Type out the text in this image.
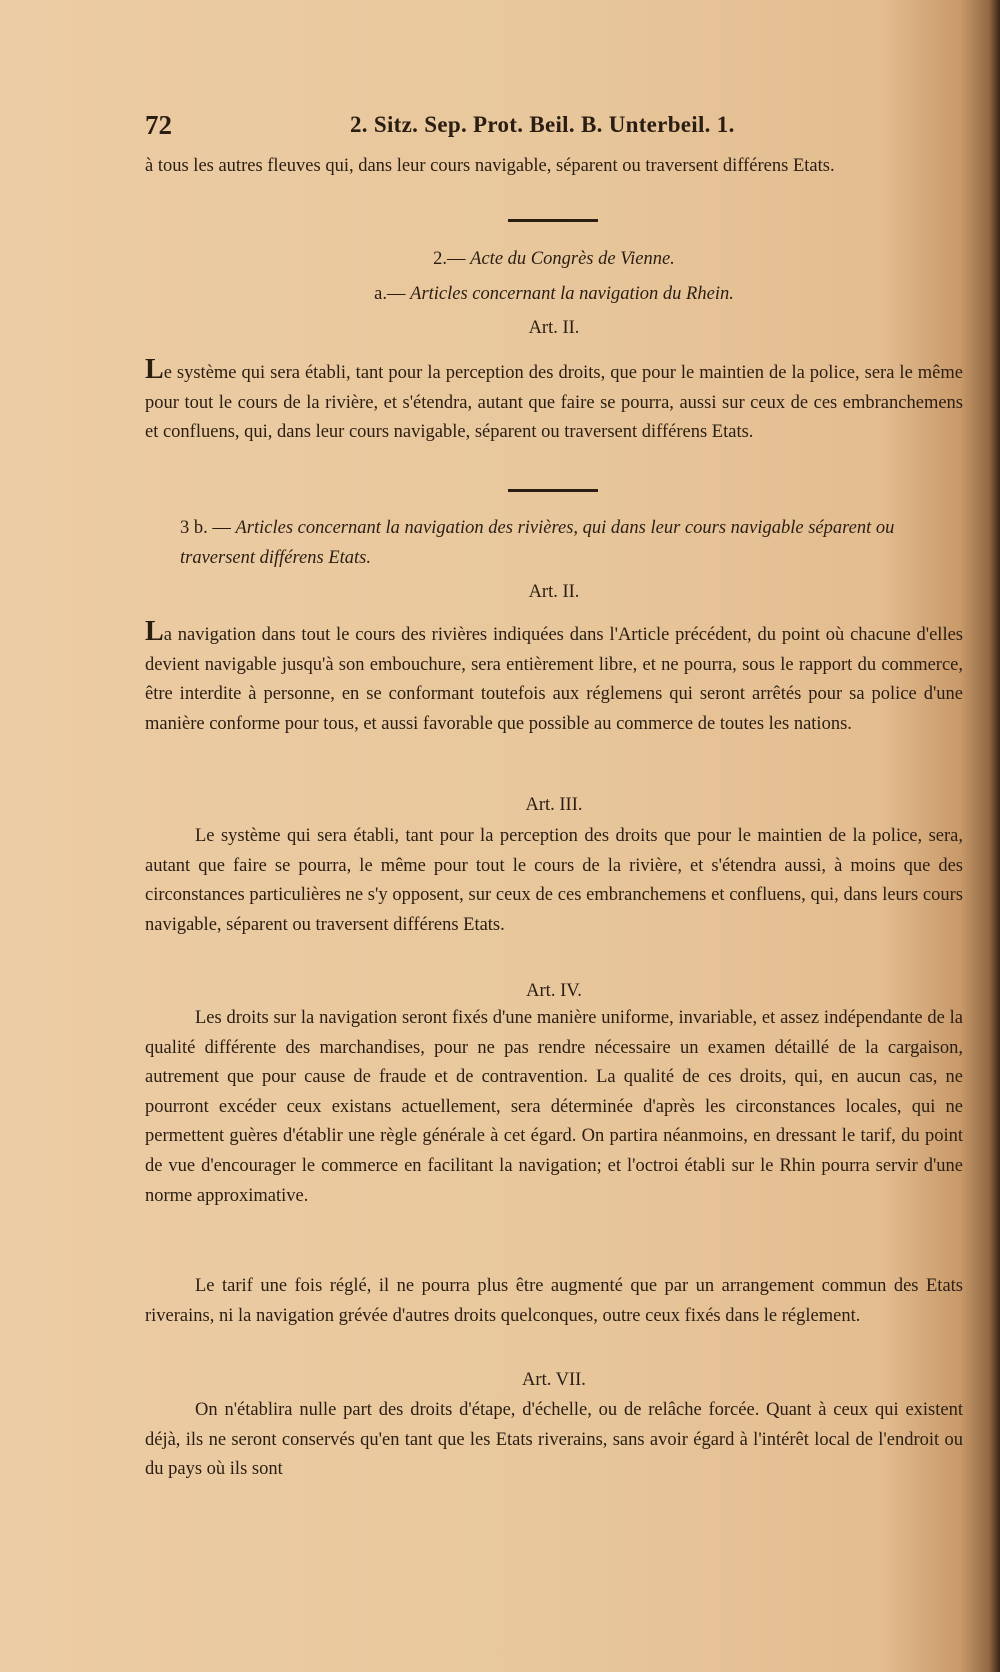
72	2. Sitz. Sep. Prot. Beil. B. Unterbeil. 1.
à tous les autres fleuves qui, dans leur cours navigable, séparent ou traversent différens Etats.
2.— Acte du Congrès de Vienne.
a.— Articles concernant la navigation du Rhein.
Art. II.
Le système qui sera établi, tant pour la perception des droits, que pour le maintien de la police, sera le même pour tout le cours de la rivière, et s'étendra, autant que faire se pourra, aussi sur ceux de ces embranchemens et confluens, qui, dans leur cours navigable, séparent ou traversent différens Etats.
3 b. — Articles concernant la navigation des rivières, qui dans leur cours navigable séparent ou traversent différens Etats.
Art. II.
La navigation dans tout le cours des rivières indiquées dans l'Article précédent, du point où chacune d'elles devient navigable jusqu'à son embouchure, sera entièrement libre, et ne pourra, sous le rapport du commerce, être interdite à personne, en se conformant toutefois aux réglemens qui seront arrêtés pour sa police d'une manière conforme pour tous, et aussi favorable que possible au commerce de toutes les nations.
Art. III.
Le système qui sera établi, tant pour la perception des droits que pour le maintien de la police, sera, autant que faire se pourra, le même pour tout le cours de la rivière, et s'étendra aussi, à moins que des circonstances particulières ne s'y opposent, sur ceux de ces embranchemens et confluens, qui, dans leurs cours navigable, séparent ou traversent différens Etats.
Art. IV.
Les droits sur la navigation seront fixés d'une manière uniforme, invariable, et assez indépendante de la qualité différente des marchandises, pour ne pas rendre nécessaire un examen détaillé de la cargaison, autrement que pour cause de fraude et de contravention. La qualité de ces droits, qui, en aucun cas, ne pourront excéder ceux existans actuellement, sera déterminée d'après les circonstances locales, qui ne permettent guères d'établir une règle générale à cet égard. On partira néanmoins, en dressant le tarif, du point de vue d'encourager le commerce en facilitant la navigation; et l'octroi établi sur le Rhin pourra servir d'une norme approximative.
Le tarif une fois réglé, il ne pourra plus être augmenté que par un arrangement commun des Etats riverains, ni la navigation grévée d'autres droits quelconques, outre ceux fixés dans le réglement.
Art. VII.
On n'établira nulle part des droits d'étape, d'échelle, ou de relâche forcée. Quant à ceux qui existent déjà, ils ne seront conservés qu'en tant que les Etats riverains, sans avoir égard à l'intérêt local de l'endroit ou du pays où ils sont
